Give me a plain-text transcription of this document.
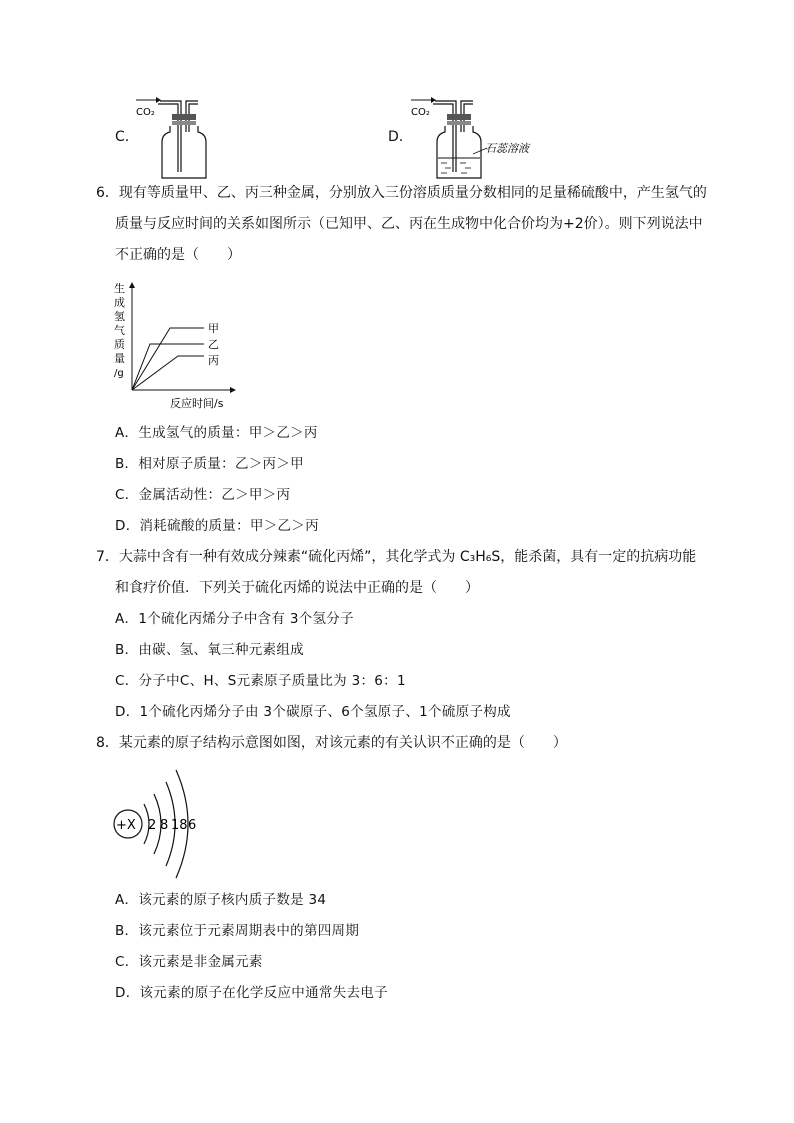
C.
CO₂
D.
CO₂
石蕊溶液
6．现有等质量甲、乙、丙三种金属，分别放入三份溶质质量分数相同的足量稀硫酸中，产生氢气的
质量与反应时间的关系如图所示（已知甲、乙、丙在生成物中化合价均为+2价）。则下列说法中
不正确的是（　　）
生
成
氢
气
质
量
/g
甲
乙
丙
反应时间/s
A．生成氢气的质量：甲＞乙＞丙
B．相对原子质量：乙＞丙＞甲
C．金属活动性：乙＞甲＞丙
D．消耗硫酸的质量：甲＞乙＞丙
7．大蒜中含有一种有效成分辣素“硫化丙烯”，其化学式为 C₃H₆S，能杀菌，具有一定的抗病功能
和食疗价值．下列关于硫化丙烯的说法中正确的是（　　）
A．1个硫化丙烯分子中含有 3个氢分子
B．由碳、氢、氧三种元素组成
C．分子中C、H、S元素原子质量比为 3：6：1
D．1个硫化丙烯分子由 3个碳原子、6个氢原子、1个硫原子构成
8．某元素的原子结构示意图如图，对该元素的有关认识不正确的是（　　）
+X 2 8 18 6
A．该元素的原子核内质子数是 34
B．该元素位于元素周期表中的第四周期
C．该元素是非金属元素
D．该元素的原子在化学反应中通常失去电子
